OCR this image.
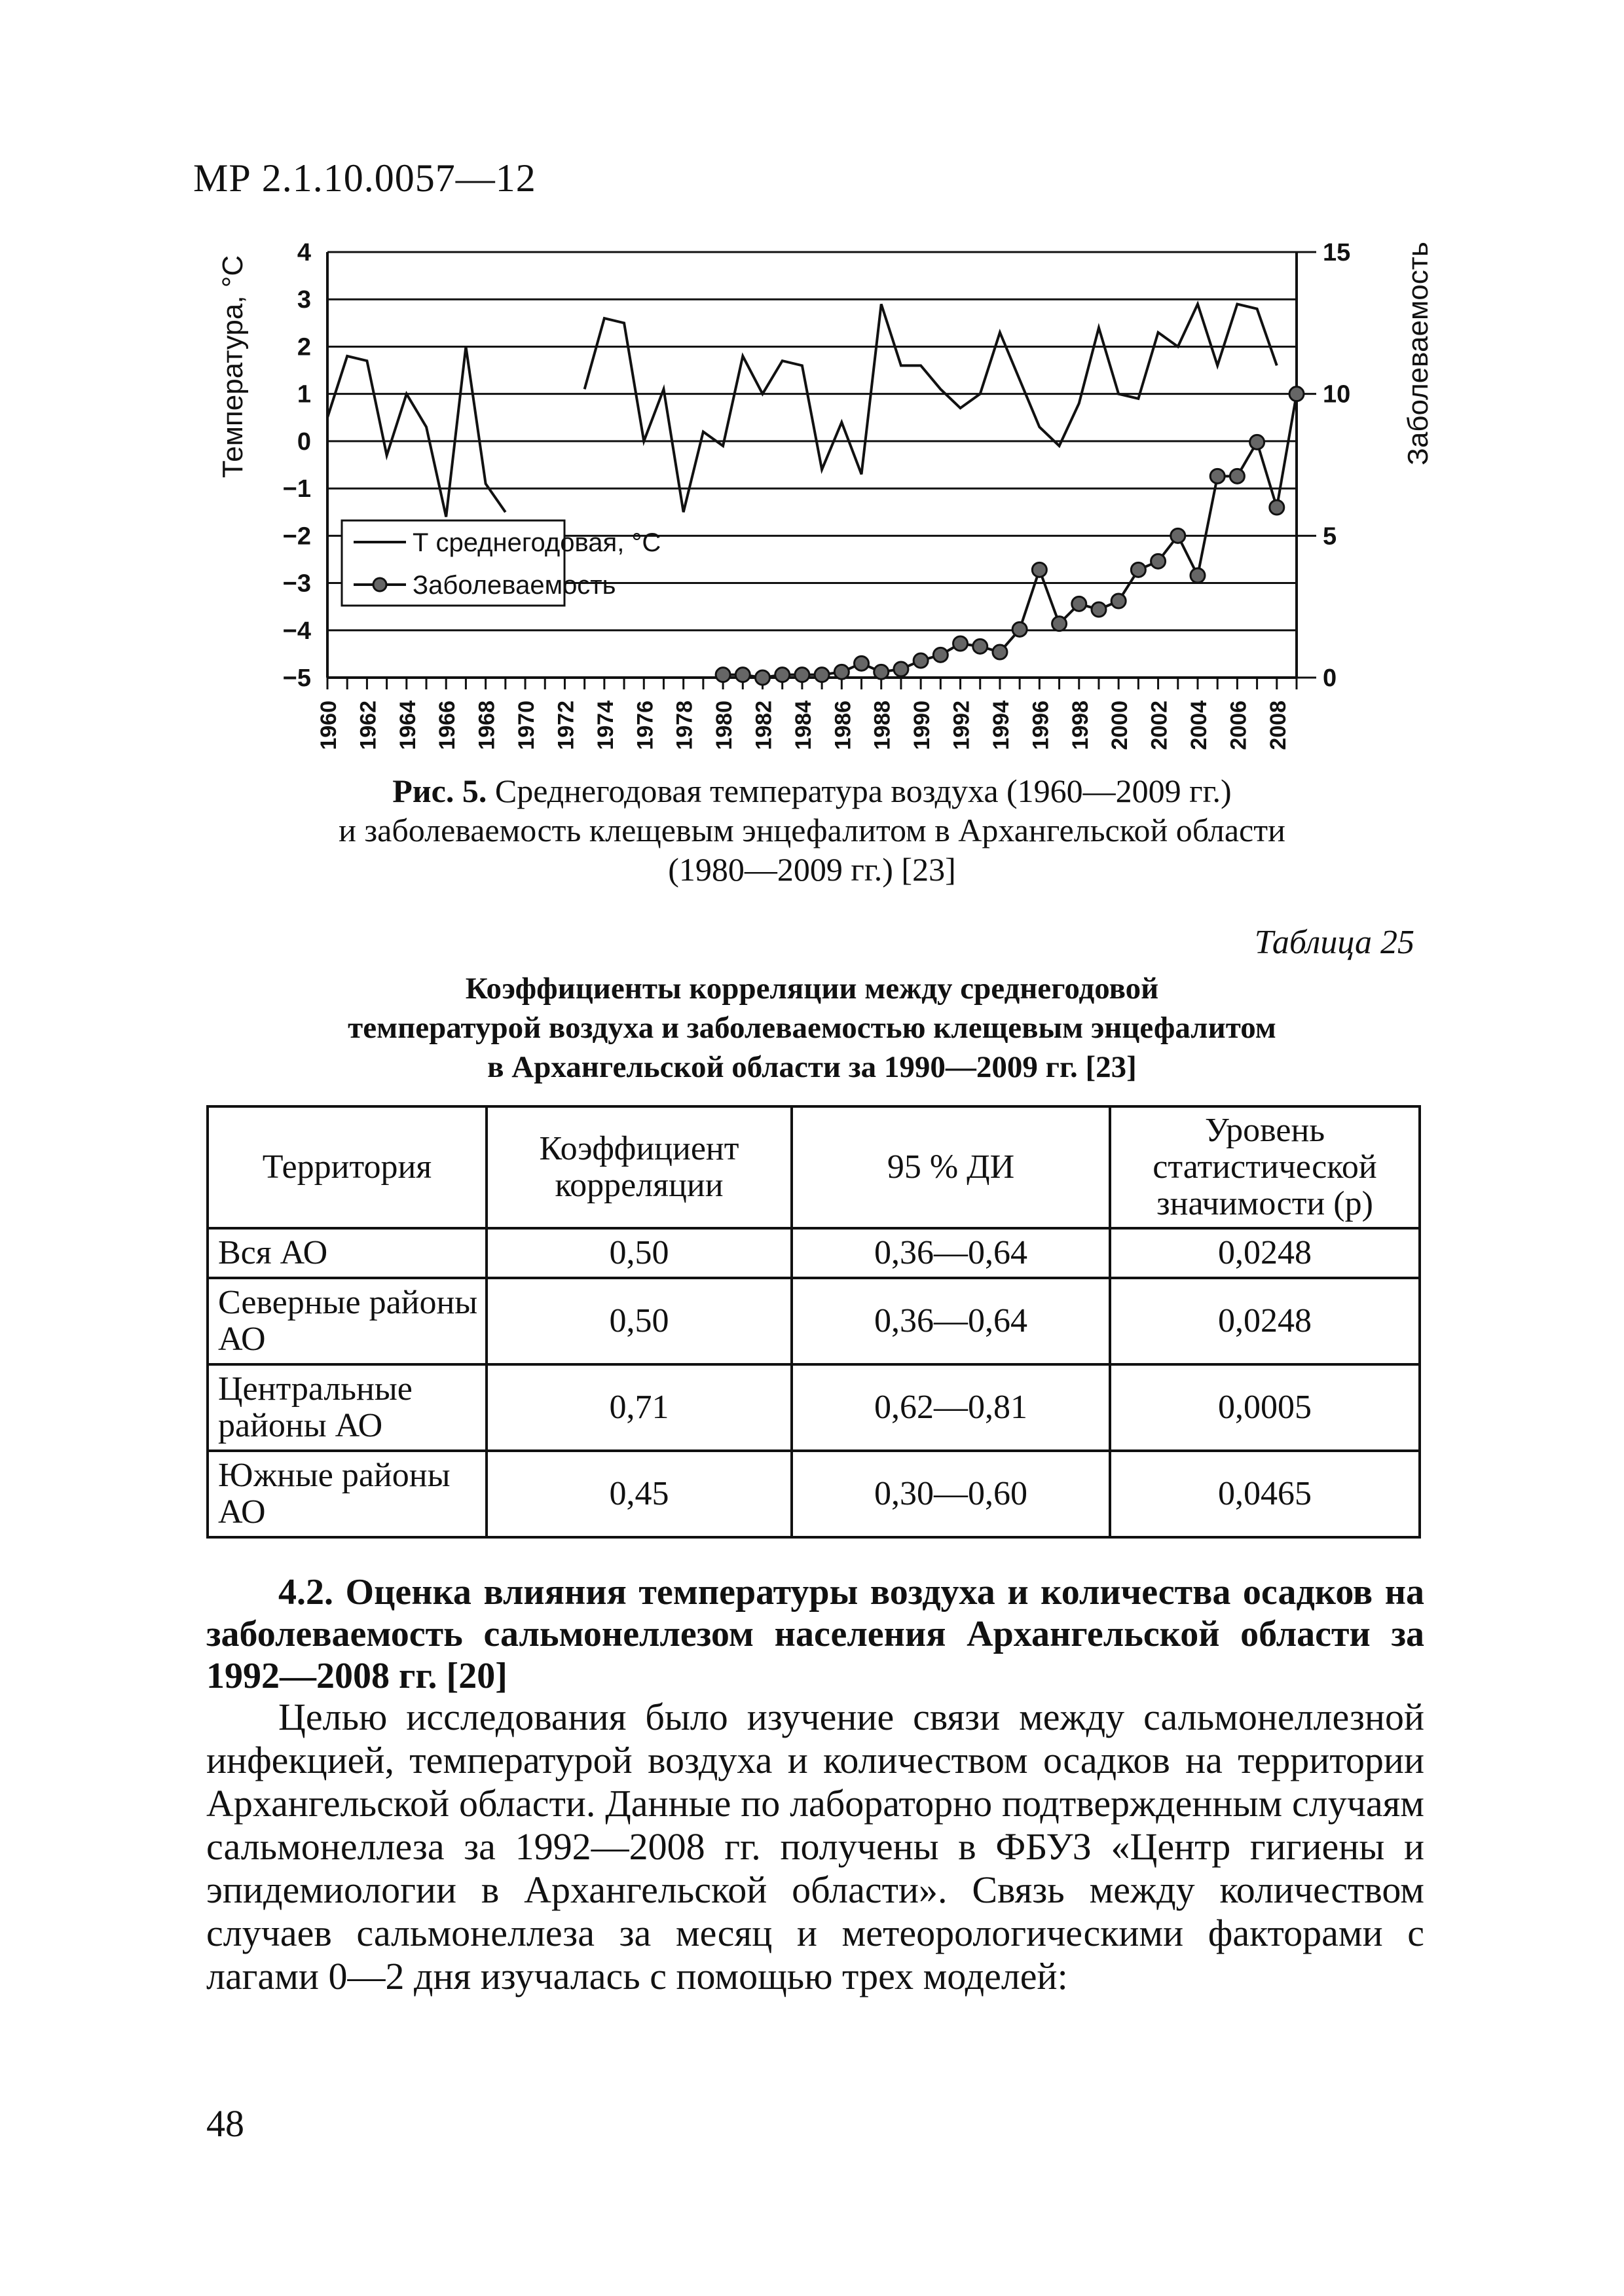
МР 2.1.10.0057—12
4
3
2
1
0
−1
−2
−3
−4
−5
15
10
5
0
1960 1962 1964 1966 1968 1970 1972 1974 1976 1978 1980 1982 1984 1986 1988 1990 1992 1994 1996 1998 2000 2002 2004 2006 2008
Температура, °С	Заболеваемость
Т среднегодовая, °С
Заболеваемость
Рис. 5. Среднегодовая температура воздуха (1960—2009 гг.)
и заболеваемость клещевым энцефалитом в Архангельской области
(1980—2009 гг.) [23]
Таблица 25
Коэффициенты корреляции между среднегодовой
температурой воздуха и заболеваемостью клещевым энцефалитом
в Архангельской области за 1990—2009 гг. [23]
Территория	Коэффициент корреляции	95 % ДИ	Уровень статистической значимости (р)
Вся АО	0,50	0,36—0,64	0,0248
Северные районы АО	0,50	0,36—0,64	0,0248
Центральные районы АО	0,71	0,62—0,81	0,0005
Южные районы АО	0,45	0,30—0,60	0,0465
4.2. Оценка влияния температуры воздуха и количества осадков на заболеваемость сальмонеллезом населения Архангельской области за 1992—2008 гг. [20]
Целью исследования было изучение связи между сальмонеллезной инфекцией, температурой воздуха и количеством осадков на территории Архангельской области. Данные по лабораторно подтвержденным случаям сальмонеллеза за 1992—2008 гг. получены в ФБУЗ «Центр гигиены и эпидемиологии в Архангельской области». Связь между количеством случаев сальмонеллеза за месяц и метеорологическими факторами с лагами 0—2 дня изучалась с помощью трех моделей:
48
